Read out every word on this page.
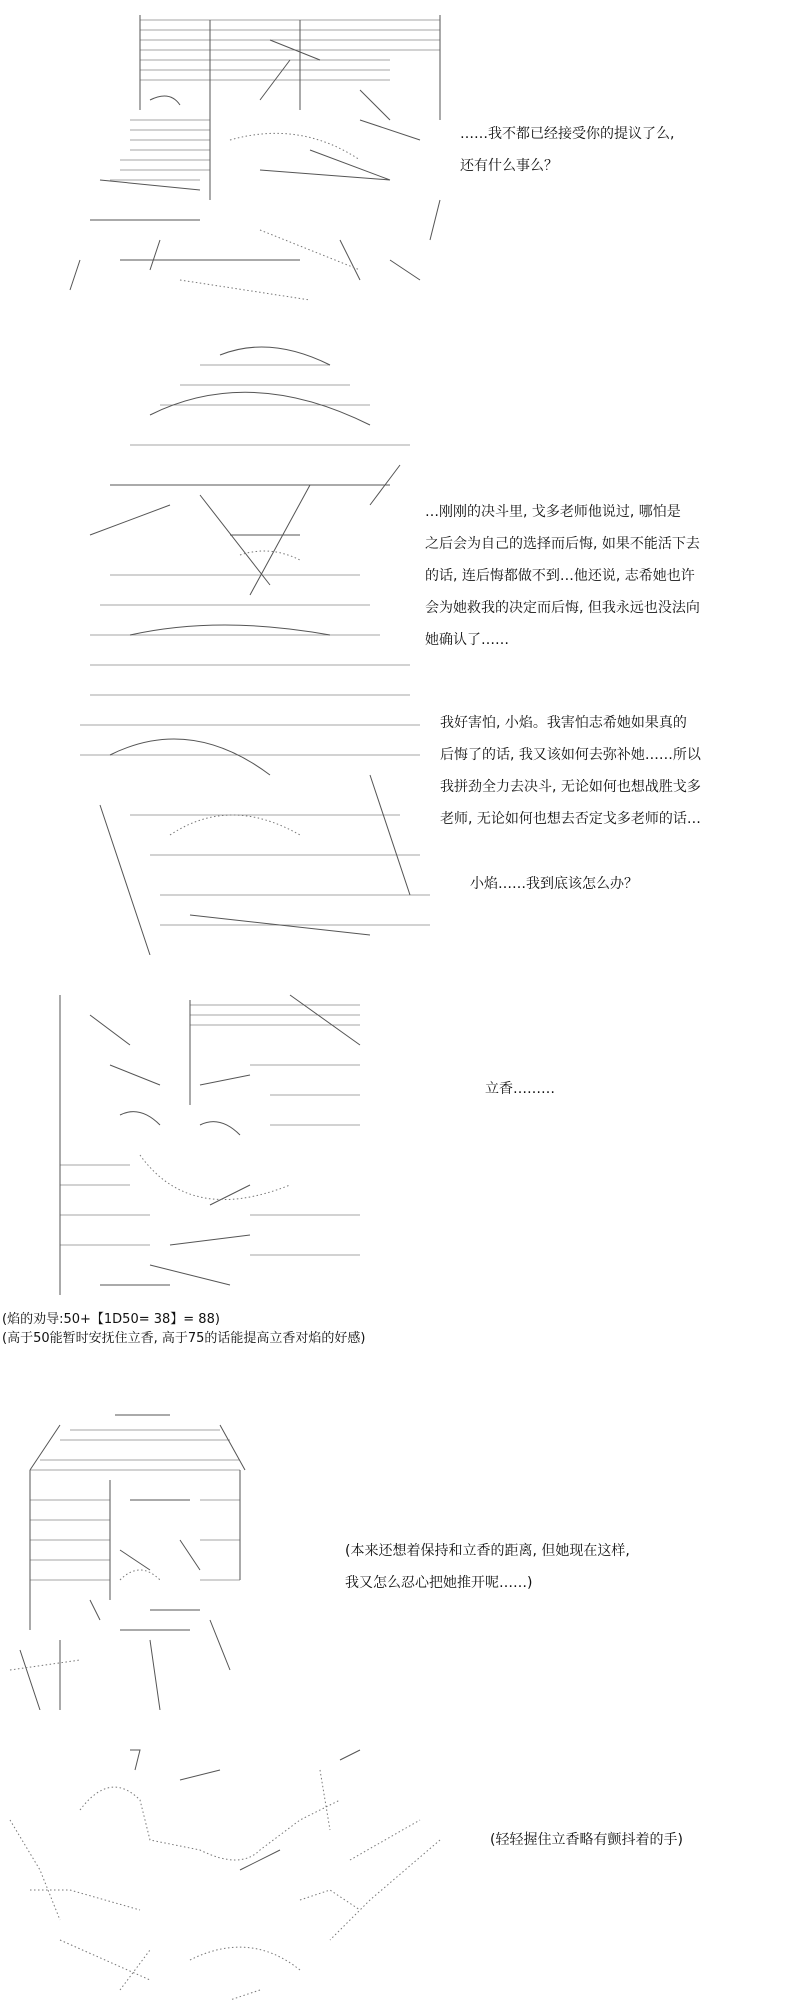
……我不都已经接受你的提议了么,

还有什么事么？

…刚刚的决斗里, 戈多老师他说过, 哪怕是

之后会为自己的选择而后悔, 如果不能活下去

的话, 连后悔都做不到…他还说, 志希她也许

会为她救我的决定而后悔, 但我永远也没法向

她确认了……

我好害怕, 小焰。我害怕志希她如果真的

后悔了的话, 我又该如何去弥补她……所以

我拼劲全力去决斗, 无论如何也想战胜戈多

老师, 无论如何也想去否定戈多老师的话…

小焰……我到底该怎么办？

立香………

(焰的劝导:50+【1D50= 38】= 88)
(高于50能暂时安抚住立香, 高于75的话能提高立香对焰的好感)

(本来还想着保持和立香的距离, 但她现在这样,

我又怎么忍心把她推开呢……)

(轻轻握住立香略有颤抖着的手)
